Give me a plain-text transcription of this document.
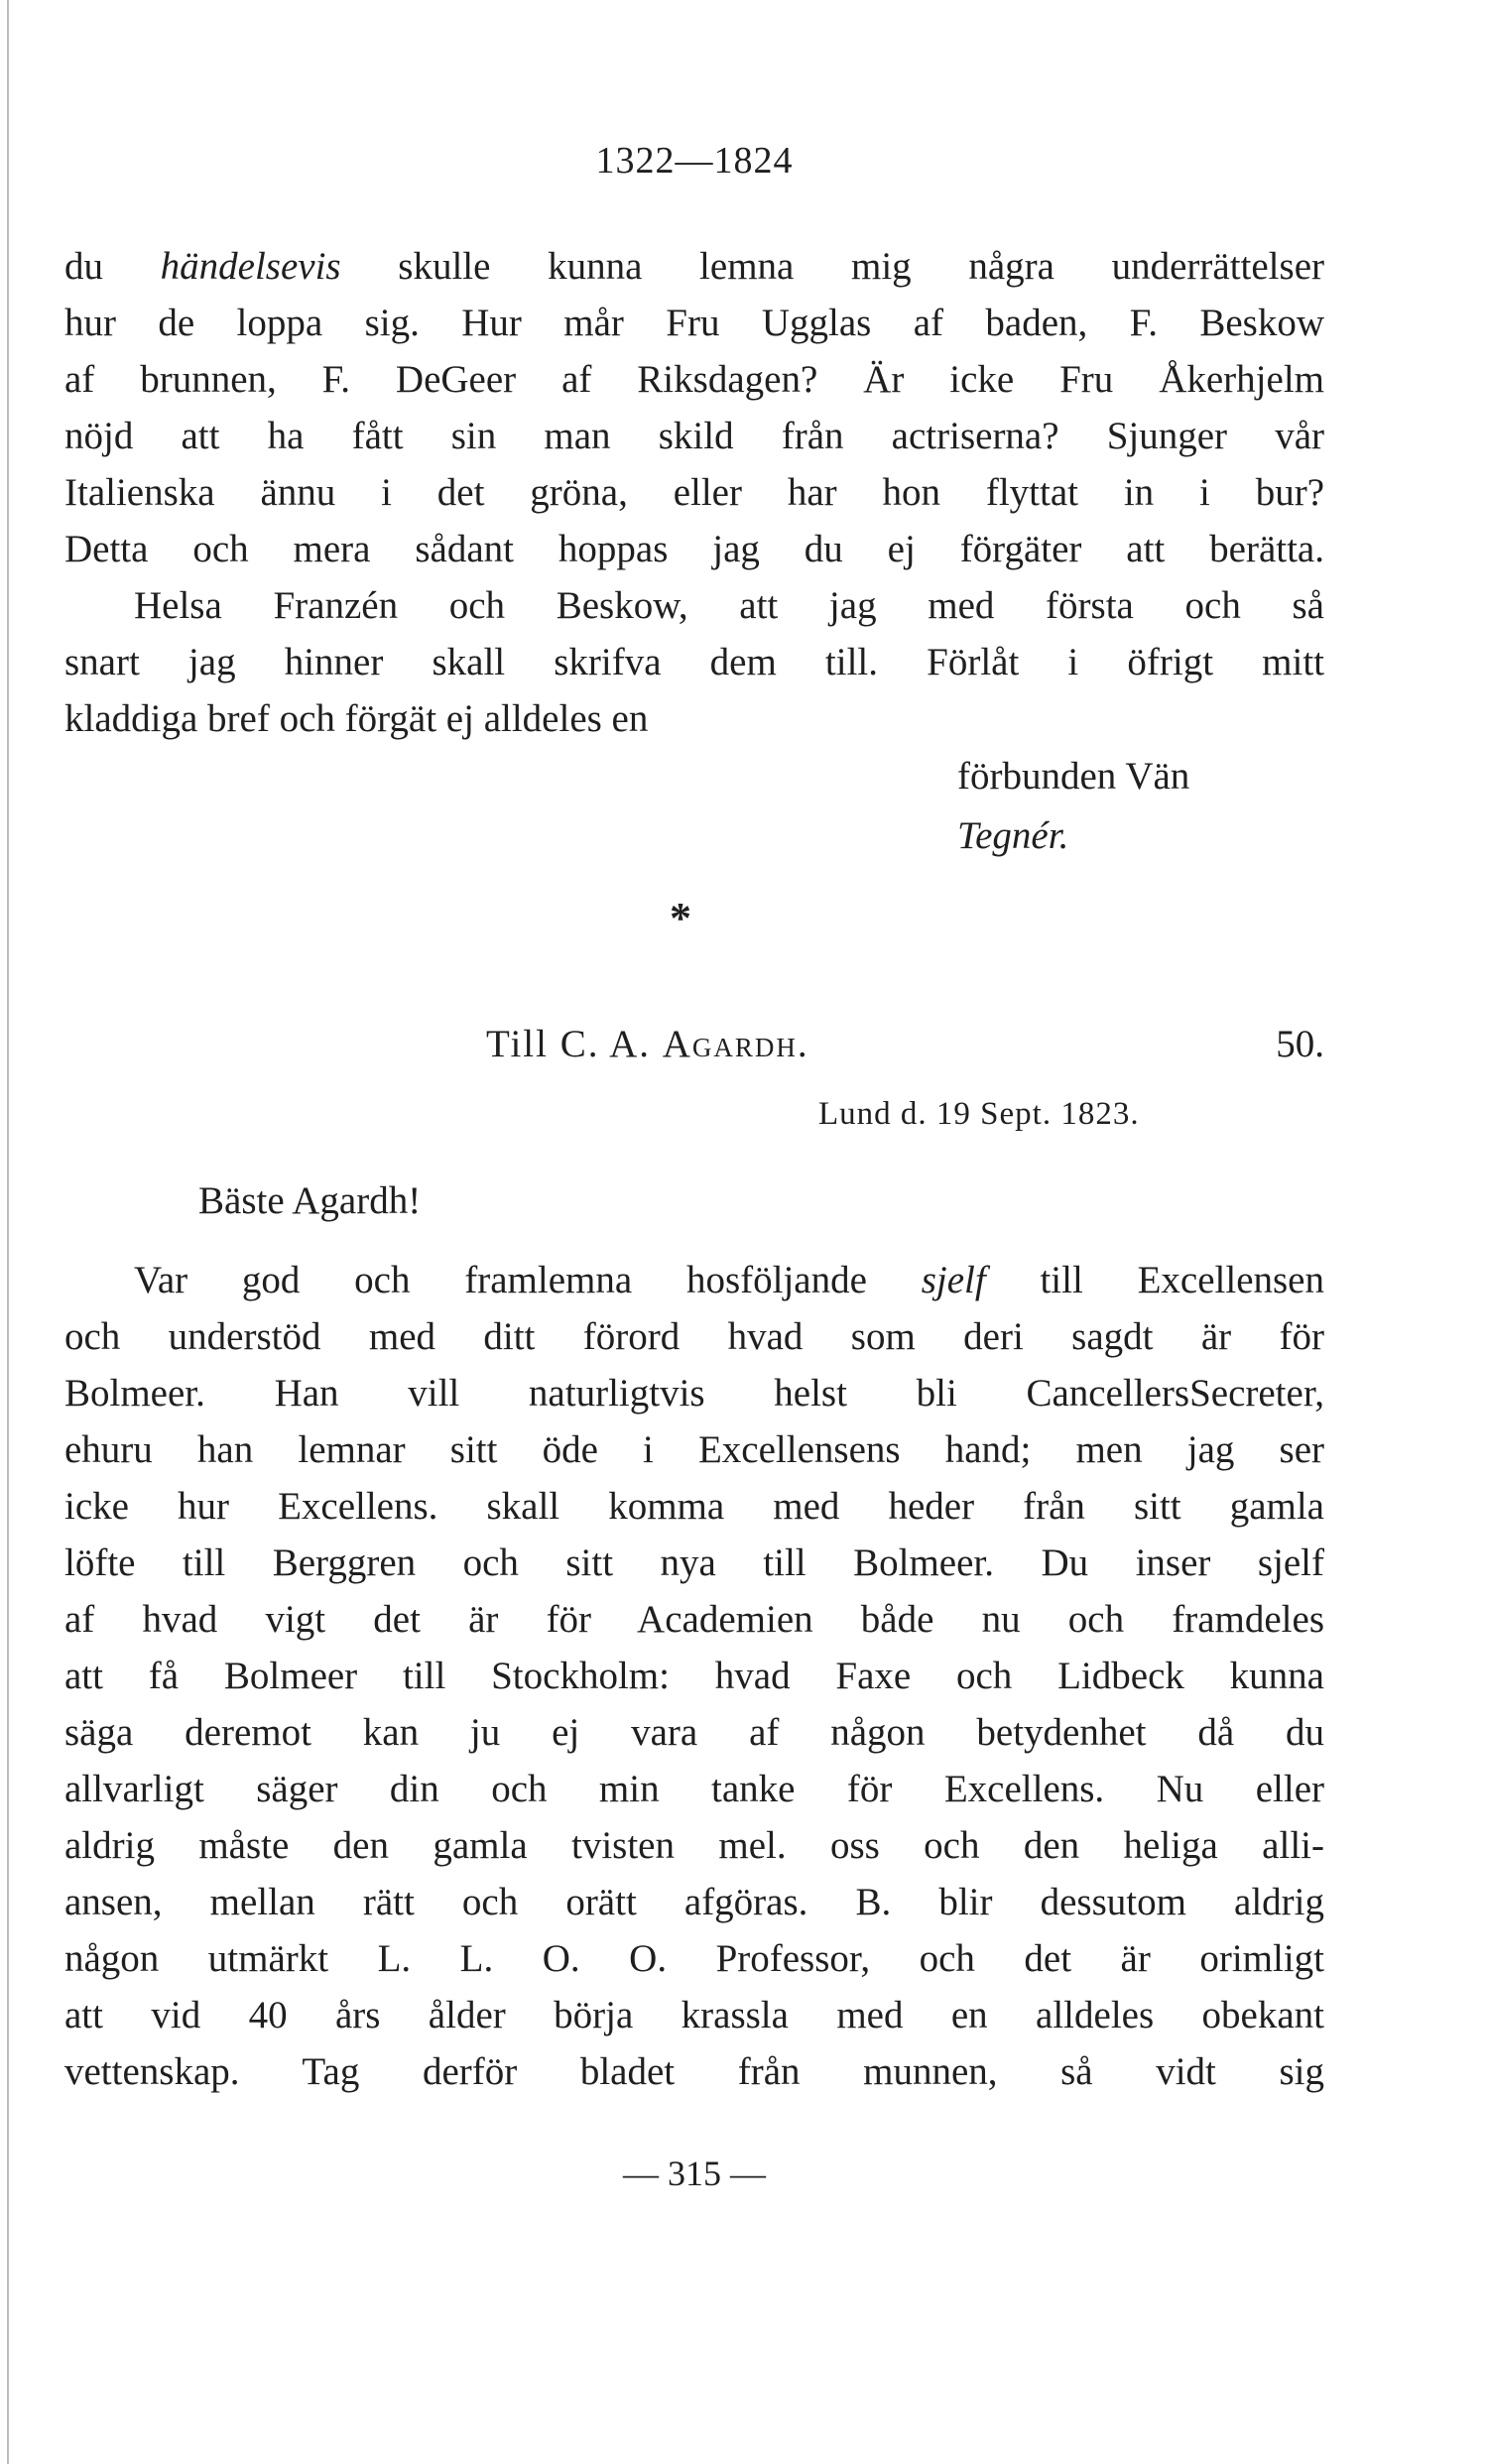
1322—1824
du händelsevis skulle kunna lemna mig några underrättelser
hur de loppa sig. Hur mår Fru Ugglas af baden, F. Beskow
af brunnen, F. DeGeer af Riksdagen? Är icke Fru Åkerhjelm
nöjd att ha fått sin man skild från actriserna? Sjunger vår
Italienska ännu i det gröna, eller har hon flyttat in i bur?
Detta och mera sådant hoppas jag du ej förgäter att berätta.
Helsa Franzén och Beskow, att jag med första och så
snart jag hinner skall skrifva dem till. Förlåt i öfrigt mitt
kladdiga bref och förgät ej alldeles en
förbunden Vän
Tegnér.
*
Till C. A. Agardh.	50.
Lund d. 19 Sept. 1823.
Bäste Agardh!
Var god och framlemna hosföljande sjelf till Excellensen
och understöd med ditt förord hvad som deri sagdt är för
Bolmeer. Han vill naturligtvis helst bli CancellersSecreter,
ehuru han lemnar sitt öde i Excellensens hand; men jag ser
icke hur Excellens. skall komma med heder från sitt gamla
löfte till Berggren och sitt nya till Bolmeer. Du inser sjelf
af hvad vigt det är för Academien både nu och framdeles
att få Bolmeer till Stockholm: hvad Faxe och Lidbeck kunna
säga deremot kan ju ej vara af någon betydenhet då du
allvarligt säger din och min tanke för Excellens. Nu eller
aldrig måste den gamla tvisten mel. oss och den heliga alli-
ansen, mellan rätt och orätt afgöras. B. blir dessutom aldrig
någon utmärkt L. L. O. O. Professor, och det är orimligt
att vid 40 års ålder börja krassla med en alldeles obekant
vettenskap. Tag derför bladet från munnen, så vidt sig
— 315 —
